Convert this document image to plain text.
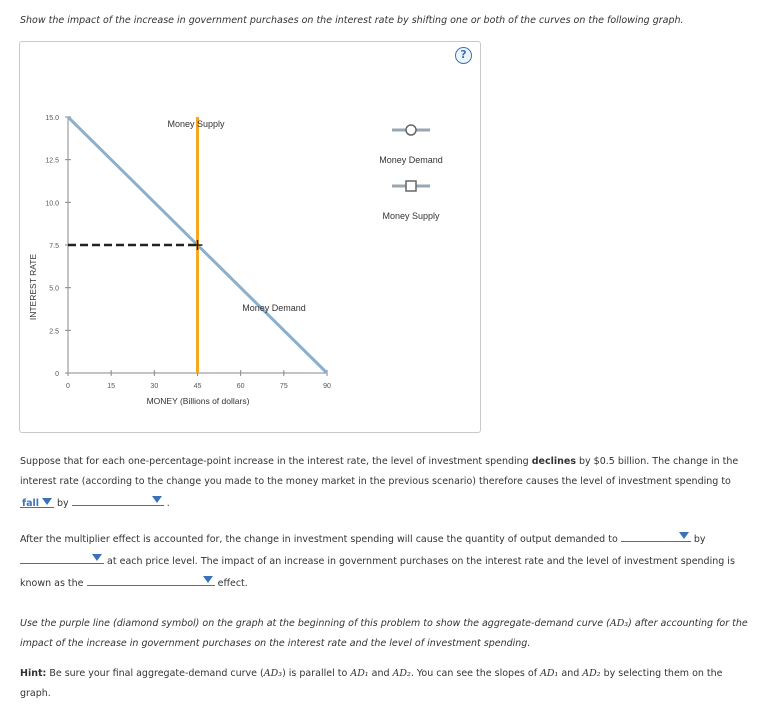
Show the impact of the increase in government purchases on the interest rate by shifting one or both of the curves on the following graph.
?
INTEREST RATE
MONEY (Billions of dollars)
15.0
12.5
10.0
7.5
5.0
2.5
0
0	15	30	45	60	75	90
Money Supply
Money Demand
Money Demand
Money Supply
Suppose that for each one-percentage-point increase in the interest rate, the level of investment spending declines by $0.5 billion. The change in the interest rate (according to the change you made to the money market in the previous scenario) therefore causes the level of investment spending to
fall by	.
After the multiplier effect is accounted for, the change in investment spending will cause the quantity of output demanded to	by

at each price level. The impact of an increase in government purchases on the interest rate and the level of investment spending is
known as the	effect.
Use the purple line (diamond symbol) on the graph at the beginning of this problem to show the aggregate-demand curve (AD₃) after accounting for the impact of the increase in government purchases on the interest rate and the level of investment spending.
Hint: Be sure your final aggregate-demand curve (AD₃) is parallel to AD₁ and AD₂. You can see the slopes of AD₁ and AD₂ by selecting them on the graph.
